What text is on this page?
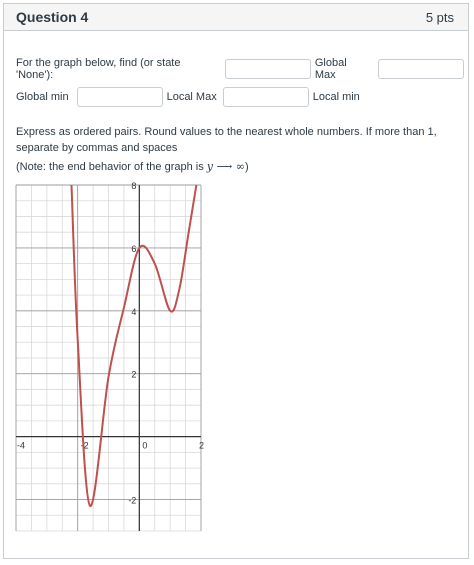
Question 4	5 pts
For the graph below, find (or state 'None'):
Global Max
Global min	Local Max	Local min
Express as ordered pairs. Round values to the nearest whole numbers. If more than 1, separate by commas and spaces
(Note: the end behavior of the graph is y ⟶ ∞)
-4	-2	0	2
-2
2
4
6
8
